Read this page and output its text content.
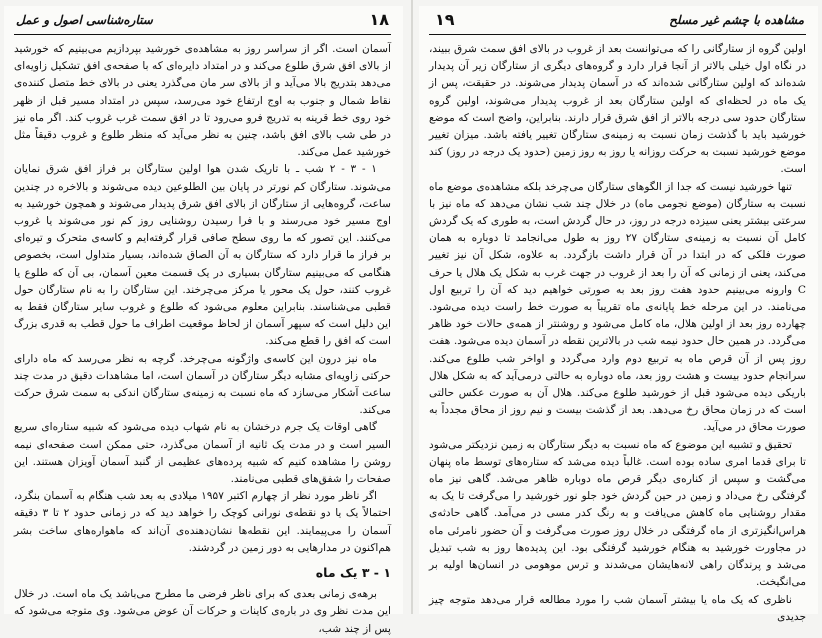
ستاره‌شناسی اصول و عمل	۱۸

آسمان است. اگر از سراسر روز به مشاهده‌ی خورشید بپردازیم می‌بینیم که خورشید از بالای افق شرق طلوع می‌کند و در امتداد دایره‌ای که با صفحه‌ی افق تشکیل زاویه‌ای می‌دهد بتدریج بالا می‌آید و از بالای سر مان می‌گذرد یعنی در بالای خط متصل کننده‌ی نقاط شمال و جنوب به اوج ارتفاع خود می‌رسد، سپس در امتداد مسیر قبل از ظهر خود روی خط قرینه به تدریج فرو می‌رود تا در افق سمت غرب غروب کند. اگر ماه نیز در طی شب بالای افق باشد، چنین به نظر می‌آید که منظر طلوع و غروب دقیقاً مثل خورشید عمل می‌کند.

۱ - ۳ - ۲ شب ـ با تاریک شدن هوا اولین ستارگان بر فراز افق شرق نمایان می‌شوند. ستارگان کم نورتر در پایان بین الطلوعین دیده می‌شوند و بالاخره در چندین ساعت، گروه‌هایی از ستارگان از بالای افق شرق پدیدار می‌شوند و همچون خورشید به اوج مسیر خود می‌رسند و با فرا رسیدن روشنایی روز کم نور می‌شوند یا غروب می‌کنند. این تصور که ما روی سطح صافی قرار گرفته‌ایم و کاسه‌ی متحرک و تیره‌ای بر فراز ما قرار دارد که ستارگان به آن الصاق شده‌اند، بسیار متداول است، بخصوص هنگامی که می‌بینیم ستارگان بسیاری در یک قسمت معین آسمان، بی آن که طلوع یا غروب کنند، حول یک محور یا مرکز می‌چرخند. این ستارگان را به نام ستارگان حول قطبی می‌شناسند. بنابراین معلوم می‌شود که طلوع و غروب سایر ستارگان فقط به این دلیل است که سپهر آسمان از لحاظ موقعیت اطراف ما حول قطب به قدری بزرگ است که افق را قطع می‌کند.

ماه نیز درون این کاسه‌ی واژگونه می‌چرخد. گرچه به نظر می‌رسد که ماه دارای حرکتی زاویه‌ای مشابه دیگر ستارگان در آسمان است، اما مشاهدات دقیق در مدت چند ساعت آشکار می‌سازد که ماه نسبت به زمینه‌ی ستارگان اندکی به سمت شرق حرکت می‌کند.

گاهی اوقات یک جرم درخشان به نام شهاب دیده می‌شود که شبیه ستاره‌ای سریع السیر است و در مدت یک ثانیه از آسمان می‌گذرد، حتی ممکن است صفحه‌ای نیمه روشن را مشاهده کنیم که شبیه پرده‌های عظیمی از گنبد آسمان آویزان هستند. این صفحات را شفق‌های قطبی می‌نامند.

اگر ناظر مورد نظر از چهارم اکتبر ۱۹۵۷ میلادی به بعد شب هنگام به آسمان بنگرد، احتمالاً یک یا دو نقطه‌ی نورانی کوچک را خواهد دید که در زمانی حدود ۲ تا ۳ دقیقه آسمان را می‌پیمایند. این نقطه‌ها نشان‌دهنده‌ی آن‌اند که ماهواره‌های ساخت بشر هم‌اکنون در مدارهایی به دور زمین در گردشند.

۱ - ۳ یک ماه

برهه‌ی زمانی بعدی که برای ناظر فرضی ما مطرح می‌باشد یک ماه است. در خلال این مدت نظر وی در باره‌ی کاینات و حرکات آن عوض می‌شود. وی متوجه می‌شود که پس از چند شب،

۱۹	مشاهده با چشم غیر مسلح

اولین گروه از ستارگانی را که می‌توانست بعد از غروب در بالای افق سمت شرق ببیند، در نگاه اول خیلی بالاتر از آنجا قرار دارد و گروه‌های دیگری از ستارگان زیر آن پدیدار شده‌اند که اولین ستارگانی شده‌اند که در آسمان پدیدار می‌شوند. در حقیقت، پس از یک ماه در لحظه‌ای که اولین ستارگان بعد از غروب پدیدار می‌شوند، اولین گروه ستارگان حدود سی درجه بالاتر از افق شرق قرار دارند. بنابراین، واضح است که موضع خورشید باید با گذشت زمان نسبت به زمینه‌ی ستارگان تغییر یافته باشد. میزان تغییر موضع خورشید نسبت به حرکت روزانه یا روز به روز زمین (حدود یک درجه در روز) کند است.

تنها خورشید نیست که جدا از الگوهای ستارگان می‌چرخد بلکه مشاهده‌ی موضع ماه نسبت به ستارگان (موضع نجومی ماه) در خلال چند شب نشان می‌دهد که ماه نیز با سرعتی بیشتر یعنی سیزده درجه در روز، در حال گردش است، به طوری که یک گردش کامل آن نسبت به زمینه‌ی ستارگان ۲۷ روز به طول می‌انجامد تا دوباره به همان صورت فلکی که در ابتدا در آن قرار داشت بازگردد. به علاوه، شکل آن نیز تغییر می‌کند، یعنی از زمانی که آن را بعد از غروب در جهت غرب به شکل یک هلال یا حرف C وارونه می‌بینیم حدود هفت روز بعد به صورتی خواهیم دید که آن را تربیع اول می‌نامند. در این مرحله خط پایانه‌ی ماه تقریباً به صورت خط راست دیده می‌شود. چهارده روز بعد از اولین هلال، ماه کامل می‌شود و روشنتر از همه‌ی حالات خود ظاهر می‌گردد. در همین حال حدود نیمه شب در بالاترین نقطه در آسمان دیده می‌شود. هفت روز پس از آن قرص ماه به تربیع دوم وارد می‌گردد و اواخر شب طلوع می‌کند. سرانجام حدود بیست و هشت روز بعد، ماه دوباره به حالتی درمی‌آید که به شکل هلال باریکی دیده می‌شود قبل از خورشید طلوع می‌کند. هلال آن به صورت عکس حالتی است که در زمان محاق رخ می‌دهد. بعد از گذشت بیست و نیم روز از محاق مجدداً به صورت محاق در می‌آید.

تحقیق و تشبیه این موضوع که ماه نسبت به دیگر ستارگان به زمین نزدیکتر می‌شود تا برای قدما امری ساده بوده است. غالباً دیده می‌شد که ستاره‌های توسط ماه پنهان می‌گشت و سپس از کناره‌ی دیگر قرص ماه دوباره ظاهر می‌شد. گاهی نیز ماه گرفتگی رخ می‌داد و زمین در حین گردش خود جلو نور خورشید را می‌گرفت تا یک به مقدار روشنایی ماه کاهش می‌یافت و به رنگ کدر مسی در می‌آمد. گاهی حادثه‌ی هراس‌انگیزتری از ماه گرفتگی در خلال روز صورت می‌گرفت و آن حضور نامرئی ماه در مجاورت خورشید به هنگام خورشید گرفتگی بود. این پدیده‌ها روز به شب تبدیل می‌شد و پرندگان راهی لانه‌هایشان می‌شدند و ترس موهومی در انسان‌ها اولیه بر می‌انگیخت.

ناظری که یک ماه یا بیشتر آسمان شب را مورد مطالعه قرار می‌دهد متوجه چیز جدیدی
